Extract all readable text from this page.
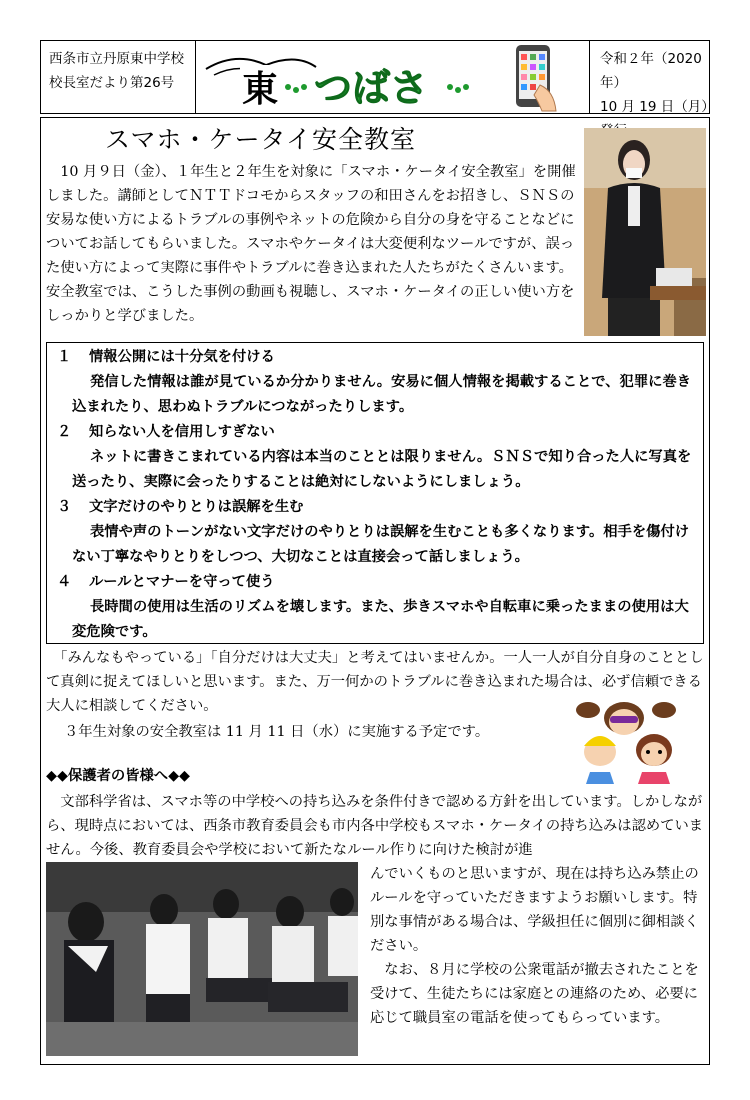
西条市立丹原東中学校
校長室だより第26号	東 つばさ
令和２年（2020年）
10 月 19 日（月）
スマホ・ケータイ安全教室
　10 月９日（金）、１年生と２年生を対象に「スマホ・ケータイ安全教室」を開催しました。講師としてＮＴＴドコモからスタッフの和田さんをお招きし、ＳＮＳの安易な使い方によるトラブルの事例やネットの危険から自分の身を守ることなどについてお話してもらいました。スマホやケータイは大変便利なツールですが、誤った使い方によって実際に事件やトラブルに巻き込まれた人たちがたくさんいます。安全教室では、こうした事例の動画も視聴し、スマホ・ケータイの正しい使い方をしっかりと学びました。
１ 情報公開には十分気を付ける
発信した情報は誰が見ているか分かりません。安易に個人情報を掲載することで、犯罪に巻き込まれたり、思わぬトラブルにつながったりします。
２ 知らない人を信用しすぎない
ネットに書きこまれている内容は本当のこととは限りません。ＳＮＳで知り合った人に写真を送ったり、実際に会ったりすることは絶対にしないようにしましょう。
３ 文字だけのやりとりは誤解を生む
表情や声のトーンがない文字だけのやりとりは誤解を生むことも多くなります。相手を傷付けない丁寧なやりとりをしつつ、大切なことは直接会って話しましょう。
４ ルールとマナーを守って使う
長時間の使用は生活のリズムを壊します。また、歩きスマホや自転車に乗ったままの使用は大変危険です。
　「みんなもやっている」「自分だけは大丈夫」と考えてはいませんか。一人一人が自分自身のこととして真剣に捉えてほしいと思います。また、万一何かのトラブルに巻き込まれた場合は、必ず信頼できる大人に相談してください。
３年生対象の安全教室は 11 月 11 日（水）に実施する予定です。
◆◆保護者の皆様へ◆◆
　文部科学省は、スマホ等の中学校への持ち込みを条件付きで認める方針を出しています。しかしながら、現時点においては、西条市教育委員会も市内各中学校もスマホ・ケータイの持ち込みは認めていません。今後、教育委員会や学校において新たなルール作りに向けた検討が進
んでいくものと思いますが、現在は持ち込み禁止のルールを守っていただきますようお願いします。特別な事情がある場合は、学級担任に個別に御相談ください。
　なお、８月に学校の公衆電話が撤去されたことを受けて、生徒たちには家庭との連絡のため、必要に応じて職員室の電話を使ってもらっています。
